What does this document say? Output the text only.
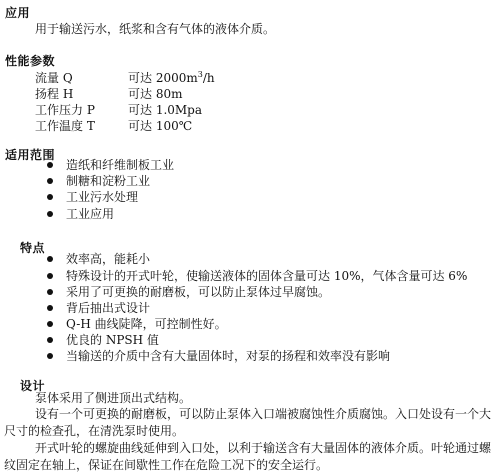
应用
用于输送污水，纸浆和含有气体的液体介质。
性能参数
流量 Q	可达 $2000m^3/h$
扬程 H	可达 80m
工作压力 P	可达 1.0Mpa
工作温度 T	可达 100℃
适用范围
造纸和纤维制板工业
制糖和淀粉工业
工业污水处理
工业应用
特点
效率高，能耗小
特殊设计的开式叶轮，使输送液体的固体含量可达 10%，气体含量可达 6%
采用了可更换的耐磨板，可以防止泵体过早腐蚀。
背后抽出式设计
Q-H 曲线陡降，可控制性好。
优良的 NPSH 值
当输送的介质中含有大量固体时，对泵的扬程和效率没有影响
设计
泵体采用了侧进顶出式结构。
设有一个可更换的耐磨板，可以防止泵体入口端被腐蚀性介质腐蚀。入口处设有一个大
尺寸的检查孔，在清洗泵时使用。
开式叶轮的螺旋曲线延伸到入口处，以利于输送含有大量固体的液体介质。叶轮通过螺
纹固定在轴上，保证在间歇性工作在危险工况下的安全运行。
